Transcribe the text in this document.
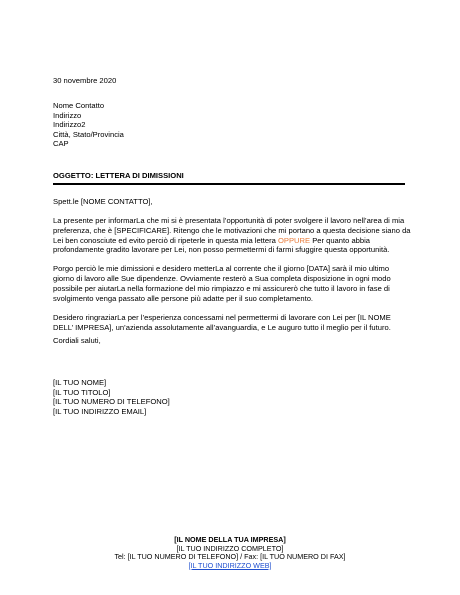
30 novembre 2020
Nome Contatto
Indirizzo
Indirizzo2
Città, Stato/Provincia
CAP
OGGETTO: LETTERA DI DIMISSIONI

Spett.le [NOME CONTATTO],

La presente per informarLa che mi si è presentata l’opportunità di poter svolgere il lavoro nell’area di mia preferenza, che è [SPECIFICARE]. Ritengo che le motivazioni che mi portano a questa decisione siano da Lei ben conosciute ed evito perciò di ripeterle in questa mia lettera OPPURE Per quanto abbia profondamente gradito lavorare per Lei, non posso permettermi di farmi sfuggire questa opportunità.

Porgo perciò le mie dimissioni e desidero metterLa al corrente che il giorno [DATA] sarà il mio ultimo giorno di lavoro alle Sue dipendenze. Ovviamente resterò a Sua completa disposizione in ogni modo possibile per aiutarLa nella formazione del mio rimpiazzo e mi assicurerò che tutto il lavoro in fase di svolgimento venga passato alle persone più adatte per il suo completamento.

Desidero ringraziarLa per l’esperienza concessami nel permettermi di lavorare con Lei per [IL NOME DELL’ IMPRESA], un’azienda assolutamente all’avanguardia, e Le auguro tutto il meglio per il futuro.

Cordiali saluti,
[IL TUO NOME]
[IL TUO TITOLO]
[IL TUO NUMERO DI TELEFONO]
[IL TUO INDIRIZZO EMAIL]
[IL NOME DELLA TUA IMPRESA]
[IL TUO INDIRIZZO COMPLETO]
Tel: [IL TUO NUMERO DI TELEFONO] / Fax: [IL TUO NUMERO DI FAX]
[IL TUO INDIRIZZO WEB]
